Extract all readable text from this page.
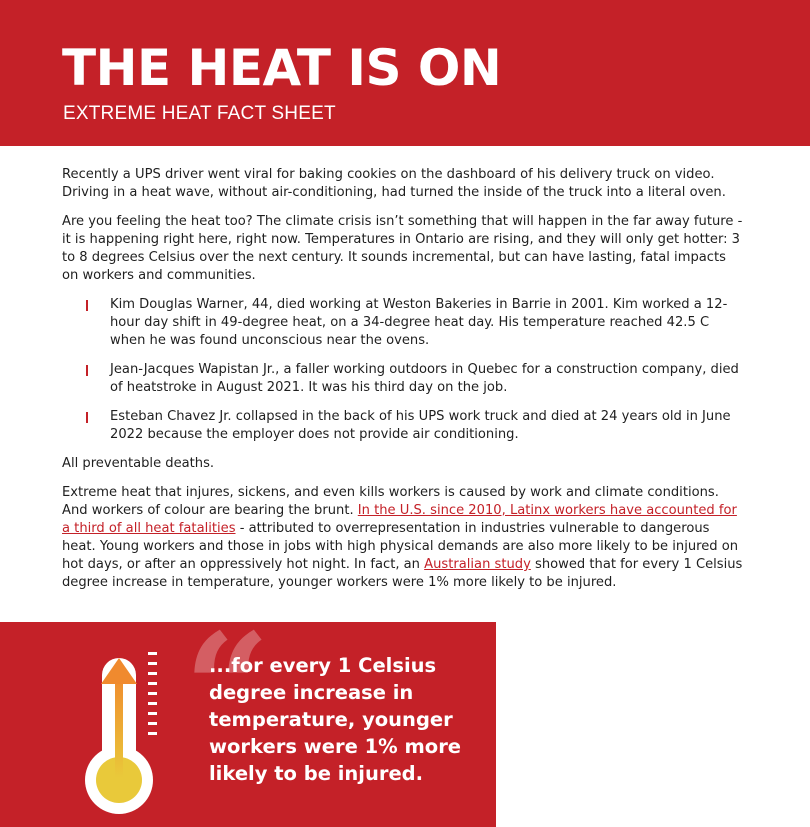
THE HEAT IS ON
EXTREME HEAT FACT SHEET

Recently a UPS driver went viral for baking cookies on the dashboard of his delivery truck on video. Driving in a heat wave, without air-conditioning, had turned the inside of the truck into a literal oven.

Are you feeling the heat too? The climate crisis isn’t something that will happen in the far away future - it is happening right here, right now. Temperatures in Ontario are rising, and they will only get hotter: 3 to 8 degrees Celsius over the next century. It sounds incremental, but can have lasting, fatal impacts on workers and communities.

Kim Douglas Warner, 44, died working at Weston Bakeries in Barrie in 2001. Kim worked a 12-hour day shift in 49-degree heat, on a 34-degree heat day. His temperature reached 42.5 C when he was found unconscious near the ovens.
Jean-Jacques Wapistan Jr., a faller working outdoors in Quebec for a construction company, died of heatstroke in August 2021. It was his third day on the job.
Esteban Chavez Jr. collapsed in the back of his UPS work truck and died at 24 years old in June 2022 because the employer does not provide air conditioning.

All preventable deaths.

Extreme heat that injures, sickens, and even kills workers is caused by work and climate conditions. And workers of colour are bearing the brunt. In the U.S. since 2010, Latinx workers have accounted for a third of all heat fatalities - attributed to overrepresentation in industries vulnerable to dangerous heat. Young workers and those in jobs with high physical demands are also more likely to be injured on hot days, or after an oppressively hot night. In fact, an Australian study showed that for every 1 Celsius degree increase in temperature, younger workers were 1% more likely to be injured.

“
...for every 1 Celsius degree increase in temperature, younger workers were 1% more likely to be injured.
